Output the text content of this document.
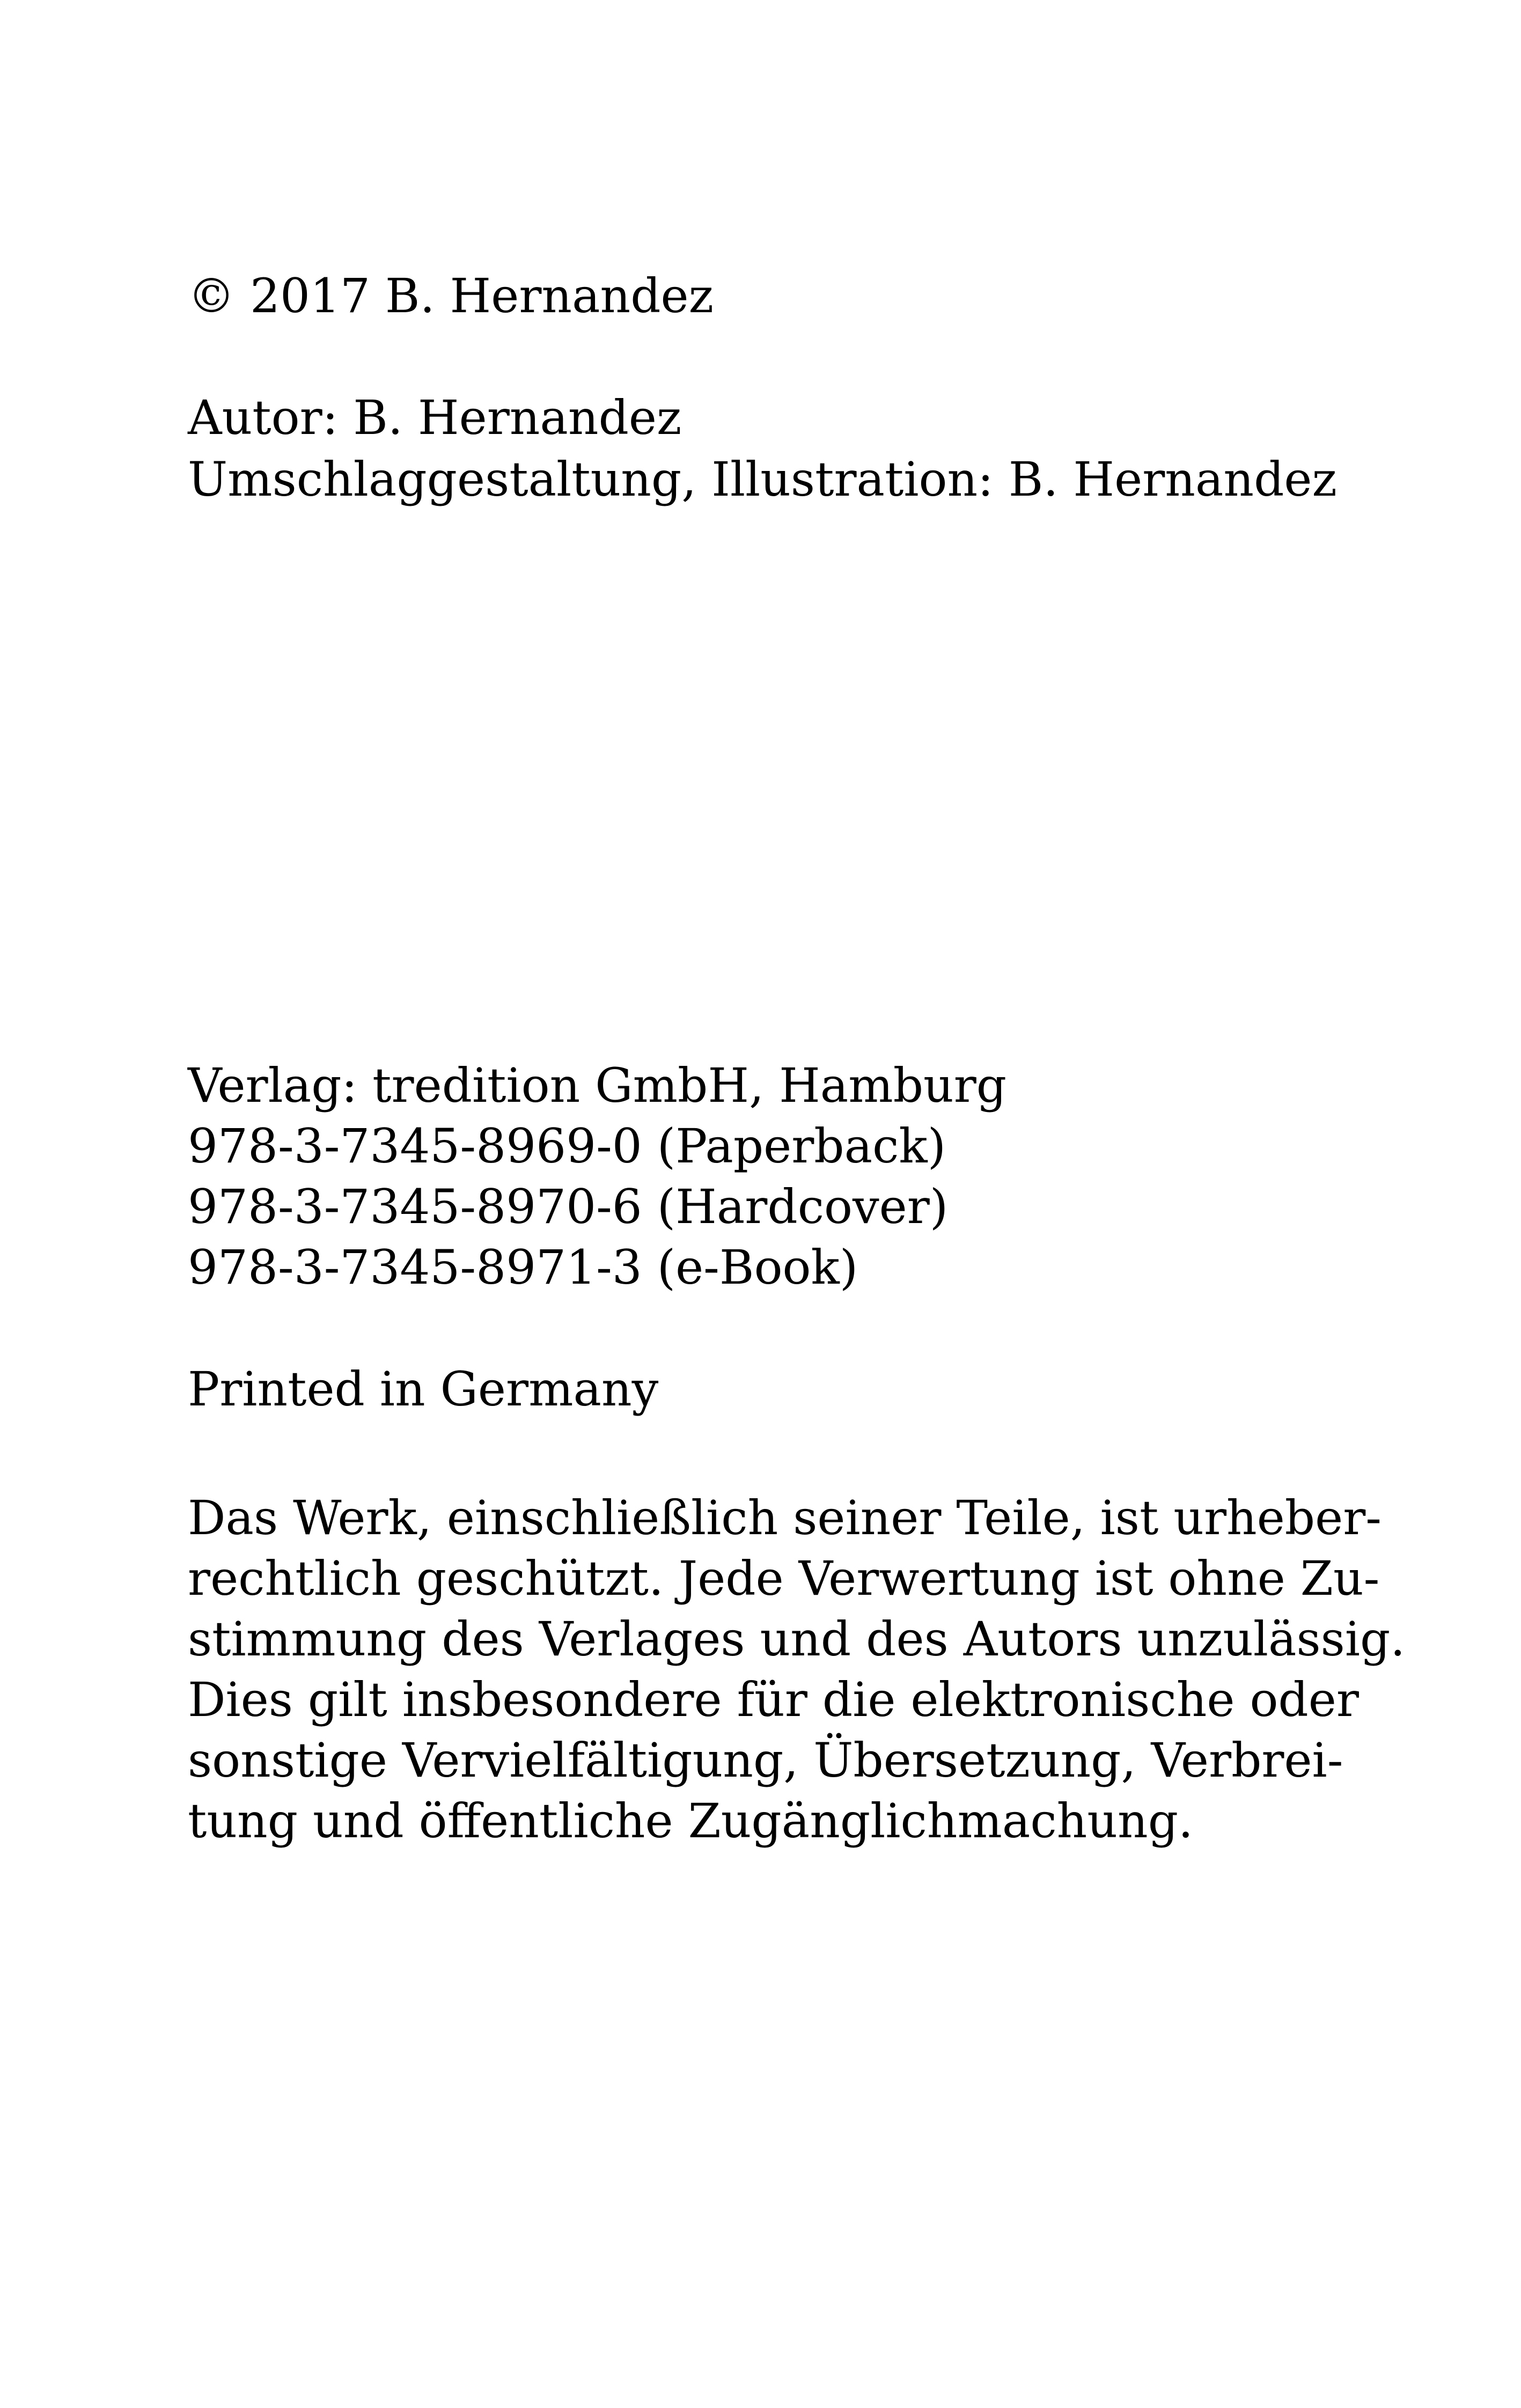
© 2017 B. Hernandez

Autor: B. Hernandez

Umschlaggestaltung, Illustration: B. Hernandez

Verlag: tredition GmbH, Hamburg

978-3-7345-8969-0 (Paperback)

978-3-7345-8970-6 (Hardcover)

978-3-7345-8971-3 (e-Book)

Printed in Germany

Das Werk, einschließlich seiner Teile, ist urheber-
rechtlich geschützt. Jede Verwertung ist ohne Zu-
stimmung des Verlages und des Autors unzulässig.
Dies gilt insbesondere für die elektronische oder
sonstige Vervielfältigung, Übersetzung, Verbrei-
tung und öffentliche Zugänglichmachung.
